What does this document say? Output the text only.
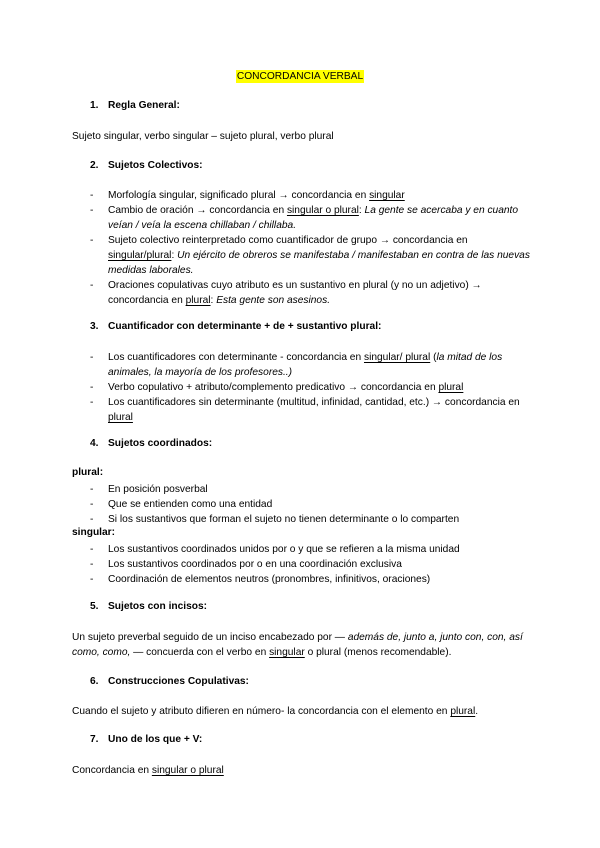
CONCORDANCIA VERBAL
1. Regla General:
Sujeto singular, verbo singular – sujeto plural, verbo plural
2. Sujetos Colectivos:
- Morfología singular, significado plural → concordancia en singular
- Cambio de oración → concordancia en singular o plural: La gente se acercaba y en cuanto veían / veía la escena chillaban / chillaba.
- Sujeto colectivo reinterpretado como cuantificador de grupo → concordancia en singular/plural: Un ejército de obreros se manifestaba / manifestaban en contra de las nuevas medidas laborales.
- Oraciones copulativas cuyo atributo es un sustantivo en plural (y no un adjetivo) → concordancia en plural: Esta gente son asesinos.
3. Cuantificador con determinante + de + sustantivo plural:
- Los cuantificadores con determinante - concordancia en singular/ plural (la mitad de los animales, la mayoría de los profesores..)
- Verbo copulativo + atributo/complemento predicativo → concordancia en plural
- Los cuantificadores sin determinante (multitud, infinidad, cantidad, etc.) → concordancia en plural
4. Sujetos coordinados:
plural:
- En posición posverbal
- Que se entienden como una entidad
- Si los sustantivos que forman el sujeto no tienen determinante o lo comparten
singular:
- Los sustantivos coordinados unidos por o y que se refieren a la misma unidad
- Los sustantivos coordinados por o en una coordinación exclusiva
- Coordinación de elementos neutros (pronombres, infinitivos, oraciones)
5. Sujetos con incisos:
Un sujeto preverbal seguido de un inciso encabezado por — además de, junto a, junto con, con, así como, como, — concuerda con el verbo en singular o plural (menos recomendable).
6. Construcciones Copulativas:
Cuando el sujeto y atributo difieren en número- la concordancia con el elemento en plural.
7. Uno de los que + V:
Concordancia en singular o plural
